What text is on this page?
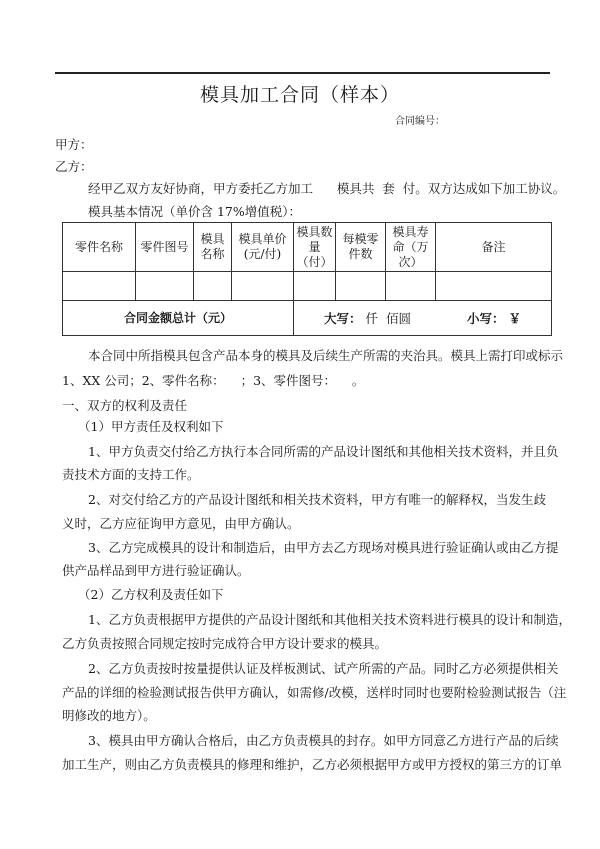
模具加工合同（样本）
合同编号：
甲方：
乙方：
经甲乙双方友好协商，甲方委托乙方加工      模具共  套  付。双方达成如下加工协议。
模具基本情况（单价含 17%增值税）：
零件名称	零件图号	模具名称	模具单价(元/付)	模具数量（付）	每模零件数	模具寿命（万次）	备注

合同金额总计（元）				大写： 仟  佰圆 小写： ￥			
本合同中所指模具包含产品本身的模具及后续生产所需的夹治具。模具上需打印或标示
1、XX 公司；2、零件名称：    ；3、零件图号：    。
一、双方的权利及责任
（1）甲方责任及权利如下
1、甲方负责交付给乙方执行本合同所需的产品设计图纸和其他相关技术资料，并且负
责技术方面的支持工作。
2、对交付给乙方的产品设计图纸和相关技术资料，甲方有唯一的解释权，当发生歧
义时，乙方应征询甲方意见，由甲方确认。
3、乙方完成模具的设计和制造后，由甲方去乙方现场对模具进行验证确认或由乙方提
供产品样品到甲方进行验证确认。
（2）乙方权利及责任如下
1、乙方负责根据甲方提供的产品设计图纸和其他相关技术资料进行模具的设计和制造，
乙方负责按照合同规定按时完成符合甲方设计要求的模具。
2、乙方负责按时按量提供认证及样板测试、试产所需的产品。同时乙方必须提供相关
产品的详细的检验测试报告供甲方确认，如需修/改模，送样时同时也要附检验测试报告（注
明修改的地方）。
3、模具由甲方确认合格后，由乙方负责模具的封存。如甲方同意乙方进行产品的后续
加工生产，则由乙方负责模具的修理和维护，乙方必须根据甲方或甲方授权的第三方的订单
